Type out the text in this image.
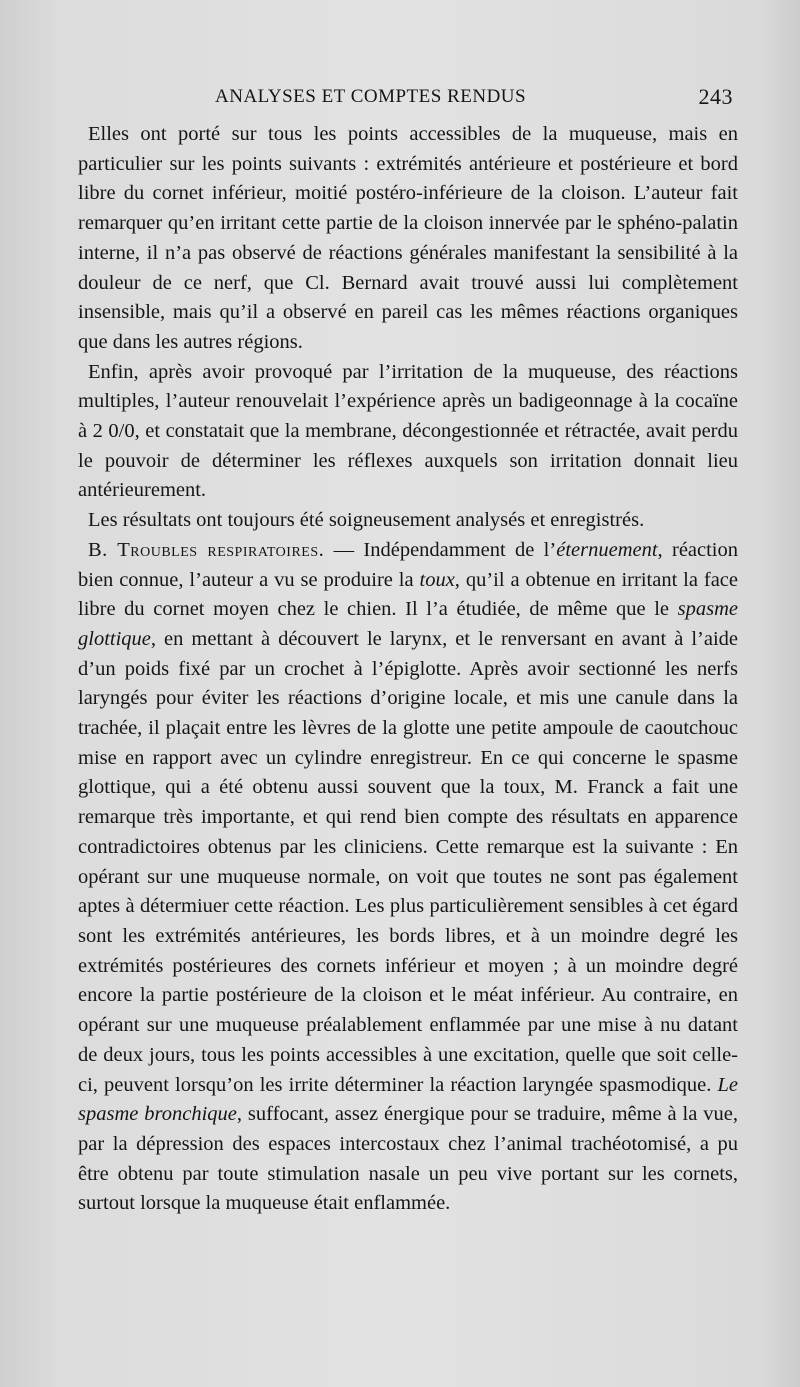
ANALYSES ET COMPTES RENDUS	243

Elles ont porté sur tous les points accessibles de la muqueuse, mais en particulier sur les points suivants : extrémités antérieure et postérieure et bord libre du cornet inférieur, moitié postéro-inférieure de la cloison. L’auteur fait remarquer qu’en irritant cette partie de la cloison innervée par le sphéno-palatin interne, il n’a pas observé de réactions générales manifestant la sensibilité à la douleur de ce nerf, que Cl. Bernard avait trouvé aussi lui complètement insensible, mais qu’il a observé en pareil cas les mêmes réactions organiques que dans les autres régions.

Enfin, après avoir provoqué par l’irritation de la muqueuse, des réactions multiples, l’auteur renouvelait l’expérience après un badigeonnage à la cocaïne à 2 0/0, et constatait que la membrane, décongestionnée et rétractée, avait perdu le pouvoir de déterminer les réflexes auxquels son irritation donnait lieu antérieurement.

Les résultats ont toujours été soigneusement analysés et enregistrés.

B. Troubles respiratoires. — Indépendamment de l’éternuement, réaction bien connue, l’auteur a vu se produire la toux, qu’il a obtenue en irritant la face libre du cornet moyen chez le chien. Il l’a étudiée, de même que le spasme glottique, en mettant à découvert le larynx, et le renversant en avant à l’aide d’un poids fixé par un crochet à l’épiglotte. Après avoir sectionné les nerfs laryngés pour éviter les réactions d’origine locale, et mis une canule dans la trachée, il plaçait entre les lèvres de la glotte une petite ampoule de caoutchouc mise en rapport avec un cylindre enregistreur. En ce qui concerne le spasme glottique, qui a été obtenu aussi souvent que la toux, M. Franck a fait une remarque très importante, et qui rend bien compte des résultats en apparence contradictoires obtenus par les cliniciens. Cette remarque est la suivante : En opérant sur une muqueuse normale, on voit que toutes ne sont pas également aptes à détermiuer cette réaction. Les plus particulièrement sensibles à cet égard sont les extrémités antérieures, les bords libres, et à un moindre degré les extrémités postérieures des cornets inférieur et moyen ; à un moindre degré encore la partie postérieure de la cloison et le méat inférieur. Au contraire, en opérant sur une muqueuse préalablement enflammée par une mise à nu datant de deux jours, tous les points accessibles à une excitation, quelle que soit celle-ci, peuvent lorsqu’on les irrite déterminer la réaction laryngée spasmodique. Le spasme bronchique, suffocant, assez énergique pour se traduire, même à la vue, par la dépression des espaces intercostaux chez l’animal trachéotomisé, a pu être obtenu par toute stimulation nasale un peu vive portant sur les cornets, surtout lorsque la muqueuse était enflammée.
